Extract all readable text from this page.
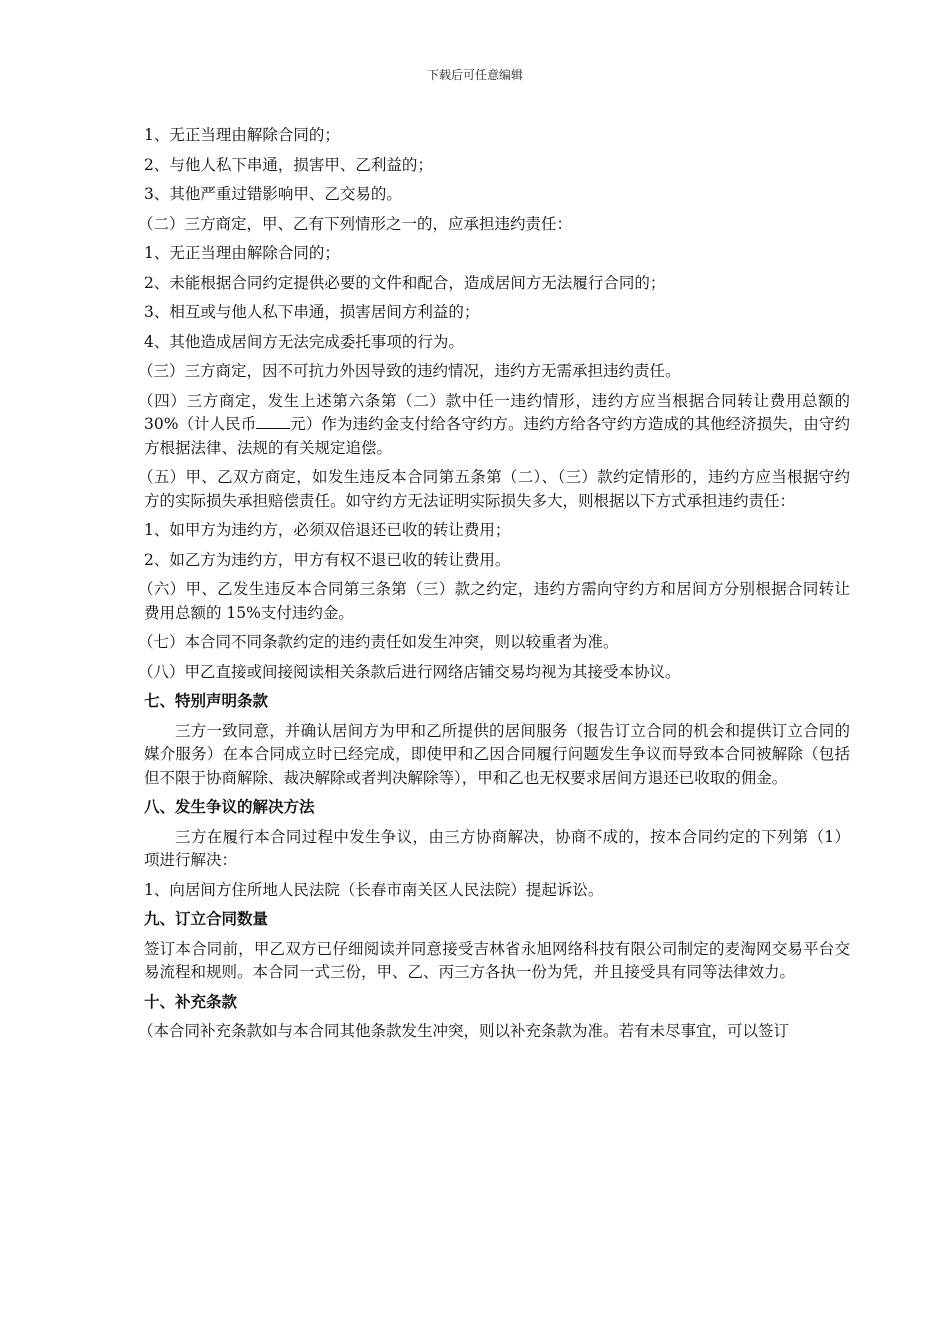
下载后可任意编辑

1、无正当理由解除合同的；

2、与他人私下串通，损害甲、乙利益的；

3、其他严重过错影响甲、乙交易的。

（二）三方商定，甲、乙有下列情形之一的，应承担违约责任：

1、无正当理由解除合同的；

2、未能根据合同约定提供必要的文件和配合，造成居间方无法履行合同的；

3、相互或与他人私下串通，损害居间方利益的；

4、其他造成居间方无法完成委托事项的行为。

（三）三方商定，因不可抗力外因导致的违约情况，违约方无需承担违约责任。

（四）三方商定，发生上述第六条第（二）款中任一违约情形，违约方应当根据合同转让费用总额的 30%（计人民币 元）作为违约金支付给各守约方。违约方给各守约方造成的其他经济损失，由守约方根据法律、法规的有关规定追偿。

（五）甲、乙双方商定，如发生违反本合同第五条第（二）、（三）款约定情形的，违约方应当根据守约方的实际损失承担赔偿责任。如守约方无法证明实际损失多大，则根据以下方式承担违约责任：

1、如甲方为违约方，必须双倍退还已收的转让费用；

2、如乙方为违约方，甲方有权不退已收的转让费用。

（六）甲、乙发生违反本合同第三条第（三）款之约定，违约方需向守约方和居间方分别根据合同转让费用总额的 15%支付违约金。

（七）本合同不同条款约定的违约责任如发生冲突，则以较重者为准。

（八）甲乙直接或间接阅读相关条款后进行网络店铺交易均视为其接受本协议。

七、特别声明条款

三方一致同意，并确认居间方为甲和乙所提供的居间服务（报告订立合同的机会和提供订立合同的媒介服务）在本合同成立时已经完成，即使甲和乙因合同履行问题发生争议而导致本合同被解除（包括但不限于协商解除、裁决解除或者判决解除等），甲和乙也无权要求居间方退还已收取的佣金。

八、发生争议的解决方法

三方在履行本合同过程中发生争议，由三方协商解决，协商不成的，按本合同约定的下列第（1）项进行解决：

1、向居间方住所地人民法院（长春市南关区人民法院）提起诉讼。

九、订立合同数量

签订本合同前，甲乙双方已仔细阅读并同意接受吉林省永旭网络科技有限公司制定的麦淘网交易平台交易流程和规则。本合同一式三份，甲、乙、丙三方各执一份为凭，并且接受具有同等法律效力。

十、补充条款

（本合同补充条款如与本合同其他条款发生冲突，则以补充条款为准。若有未尽事宜，可以签订
